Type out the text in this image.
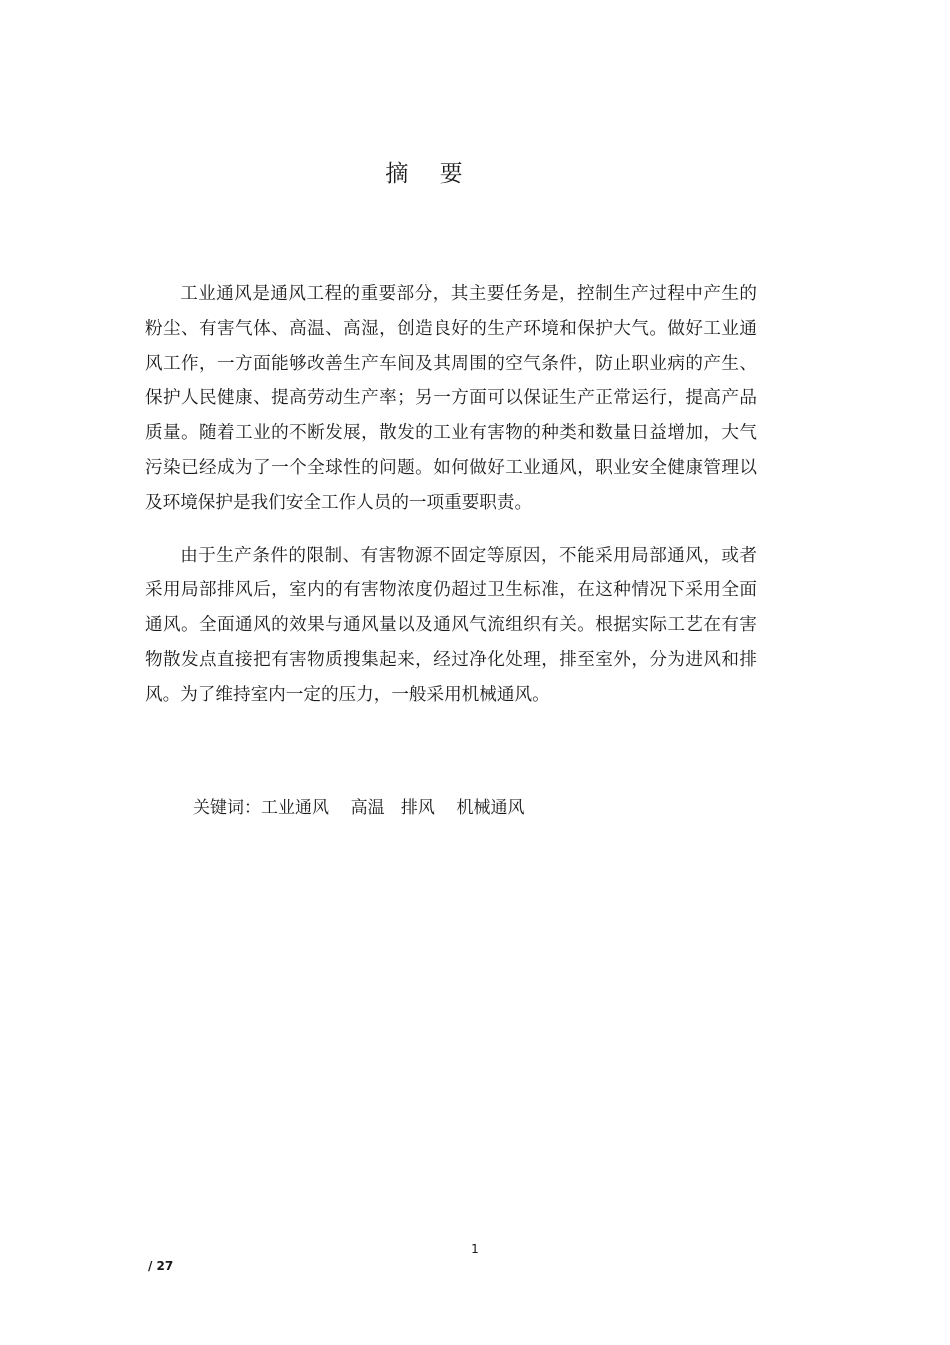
摘 要

工业通风是通风工程的重要部分，其主要任务是，控制生产过程中产生的粉尘、有害气体、高温、高湿，创造良好的生产环境和保护大气。做好工业通风工作，一方面能够改善生产车间及其周围的空气条件，防止职业病的产生、保护人民健康、提高劳动生产率；另一方面可以保证生产正常运行，提高产品质量。随着工业的不断发展，散发的工业有害物的种类和数量日益增加，大气污染已经成为了一个全球性的问题。如何做好工业通风，职业安全健康管理以及环境保护是我们安全工作人员的一项重要职责。

由于生产条件的限制、有害物源不固定等原因，不能采用局部通风，或者采用局部排风后，室内的有害物浓度仍超过卫生标准，在这种情况下采用全面通风。全面通风的效果与通风量以及通风气流组织有关。根据实际工艺在有害物散发点直接把有害物质搜集起来，经过净化处理，排至室外，分为进风和排风。为了维持室内一定的压力，一般采用机械通风。

关键词：工业通风    高温   排风    机械通风
1
/ 27
